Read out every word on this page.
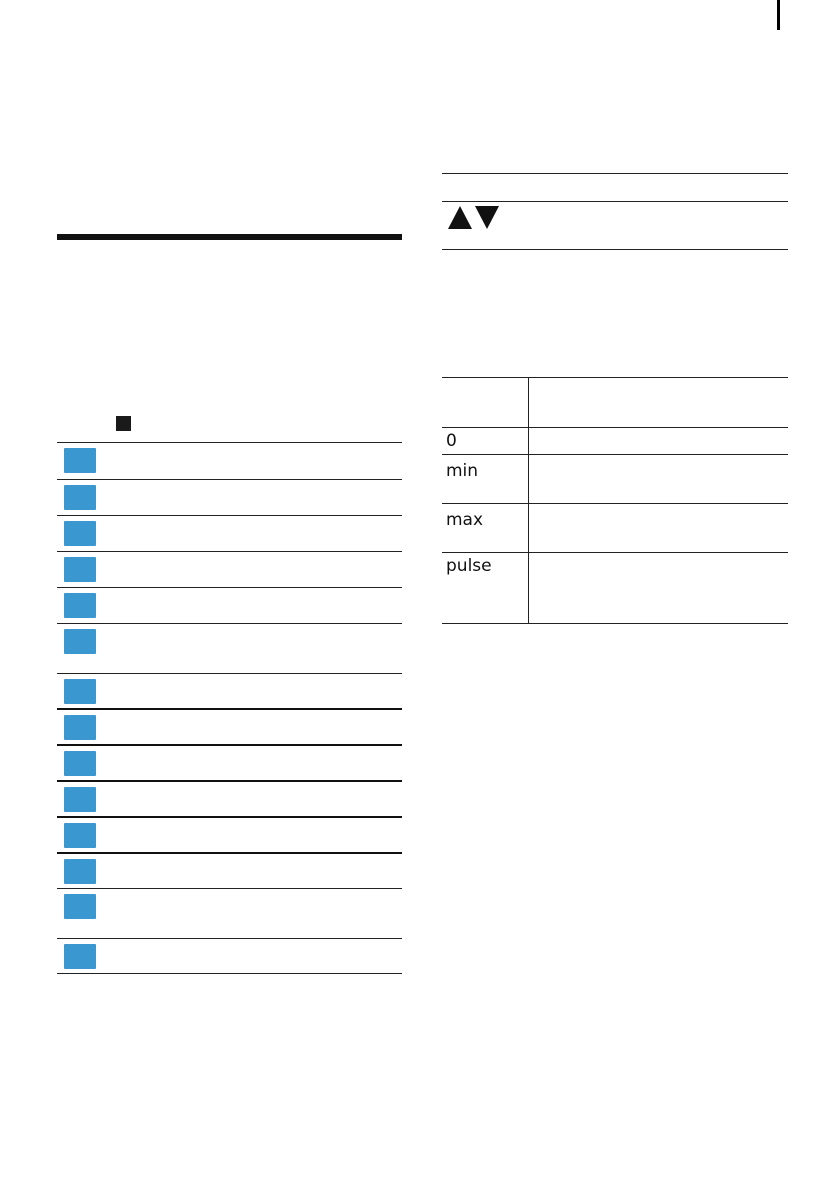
0
min
max
pulse
